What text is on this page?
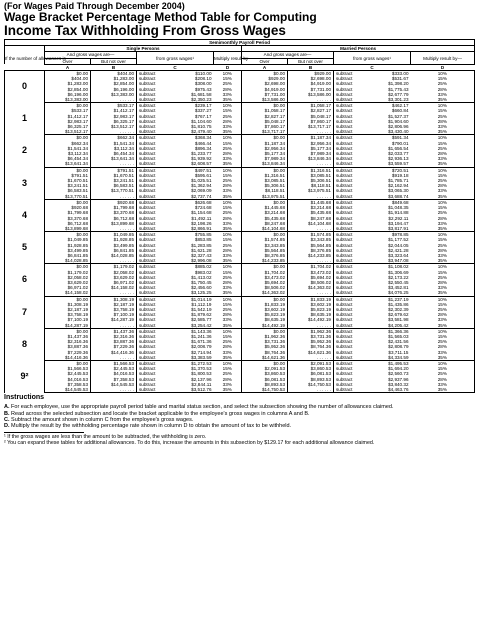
(For Wages Paid Through December 2004)
Wage Bracket Percentage Method Table for Computing
Income Tax Withholding From Gross Wages
Semimonthly Payroll Period										
	Single Persons					Married Persons				
If the number of allowances is—	And gross wages are—		from gross wages¹		Multiply result by—	And gross wages are—		from gross wages¹		Multiply result by—
	Over	But not over				Over	But not over			
	A	B	C		D	A	B	C		D
0	$0.00	$404.00	subtract	$110.00	10%	$0.00	$929.00	subtract	$333.00	10%
	$404.00	$1,283.00	subtract	$208.10	15%	$929.00	$2,698.00	subtract	$531.67	15%
	$1,283.00	$2,854.00	subtract	$308.00	25%	$2,698.00	$4,919.00	subtract	$1,398.20	25%
	$2,854.00	$6,196.00	subtract	$975.43	28%	$4,919.00	$7,731.00	subtract	$1,775.43	28%
	$6,196.00	$13,383.00	subtract	$1,681.58	33%	$7,731.00	$13,586.00	subtract	$2,677.79	33%
	$13,383.00	. . . . . .	subtract	$2,350.23	35%	$13,586.00	. . . . . .	subtract	$3,301.23	35%
1	$0.00	$533.17	subtract	$239.17	10%	$0.00	$1,058.17	subtract	$462.17	10%
	$533.17	$1,412.17	subtract	$337.27	15%	$1,058.17	$2,827.17	subtract	$660.84	15%
	$1,412.17	$2,983.17	subtract	$767.17	25%	$2,827.17	$5,048.17	subtract	$1,527.37	25%
	$2,983.17	$6,325.17	subtract	$1,104.60	28%	$5,048.17	$7,860.17	subtract	$1,904.60	28%
	$6,325.17	$13,512.17	subtract	$1,810.75	33%	$7,860.17	$13,717.17	subtract	$2,806.96	33%
	$13,512.17	. . . . . .	subtract	$2,479.40	35%	$13,717.17	. . . . . .	subtract	$3,430.40	35%
2	$0.00	$662.34	subtract	$368.34	10%	$0.00	$1,187.34	subtract	$591.34	10%
	$662.34	$1,541.34	subtract	$466.44	15%	$1,187.34	$2,956.34	subtract	$790.01	15%
	$1,541.34	$3,112.34	subtract	$896.34	25%	$2,956.34	$5,177.34	subtract	$1,656.54	25%
	$3,112.34	$6,454.34	subtract	$1,233.77	28%	$5,177.34	$7,989.34	subtract	$2,033.77	28%
	$6,454.34	$13,641.34	subtract	$1,939.92	33%	$7,989.34	$13,846.34	subtract	$2,936.13	33%
	$13,641.34	. . . . . .	subtract	$2,608.57	35%	$13,846.34	. . . . . .	subtract	$3,559.57	35%
3	$0.00	$791.51	subtract	$497.51	10%	$0.00	$1,316.51	subtract	$720.51	10%
	$791.51	$1,670.51	subtract	$595.61	15%	$1,316.51	$3,085.51	subtract	$919.18	15%
	$1,670.51	$3,241.51	subtract	$1,025.51	25%	$3,085.51	$5,306.51	subtract	$1,785.71	25%
	$3,241.51	$6,583.51	subtract	$1,362.94	28%	$5,306.51	$8,118.51	subtract	$2,162.94	28%
	$6,583.51	$13,770.51	subtract	$2,069.09	33%	$8,118.51	$13,975.51	subtract	$3,065.30	33%
	$13,770.51	. . . . . .	subtract	$2,737.74	35%	$13,975.51	. . . . . .	subtract	$3,688.74	35%
4	$0.00	$920.68	subtract	$626.68	10%	$0.00	$1,445.68	subtract	$849.68	10%
	$920.68	$1,799.68	subtract	$724.68	15%	$1,445.68	$3,214.68	subtract	$1,048.35	15%
	$1,799.68	$3,370.68	subtract	$1,154.68	25%	$3,214.68	$5,435.68	subtract	$1,914.88	25%
	$3,370.68	$6,712.68	subtract	$1,492.11	28%	$5,435.68	$8,247.68	subtract	$2,292.11	28%
	$6,712.68	$13,899.68	subtract	$2,198.26	33%	$8,247.68	$14,104.68	subtract	$3,194.47	33%
	$13,899.68	. . . . . .	subtract	$2,866.91	35%	$14,104.68	. . . . . .	subtract	$3,817.91	35%
5	$0.00	$1,049.85	subtract	$755.85	10%	$0.00	$1,574.85	subtract	$978.85	10%
	$1,049.85	$1,928.85	subtract	$853.85	15%	$1,574.85	$3,343.85	subtract	$1,177.52	15%
	$1,928.85	$3,499.85	subtract	$1,283.85	25%	$3,343.85	$5,564.85	subtract	$2,044.05	25%
	$3,499.85	$6,841.85	subtract	$1,621.28	28%	$5,564.85	$8,376.85	subtract	$2,421.28	28%
	$6,841.85	$14,028.85	subtract	$2,327.43	33%	$8,376.85	$14,233.85	subtract	$3,323.64	33%
	$14,028.85	. . . . . .	subtract	$2,996.08	35%	$14,233.85	. . . . . .	subtract	$3,947.08	35%
6	$0.00	$1,179.02	subtract	$885.02	10%	$0.00	$1,704.02	subtract	$1,108.02	10%
	$1,179.02	$2,058.02	subtract	$983.02	15%	$1,704.02	$3,473.02	subtract	$1,306.69	15%
	$2,058.02	$3,629.02	subtract	$1,413.02	25%	$3,473.02	$5,694.02	subtract	$2,173.22	25%
	$3,629.02	$6,971.02	subtract	$1,750.45	28%	$5,694.02	$8,506.02	subtract	$2,550.45	28%
	$6,971.02	$14,158.02	subtract	$2,456.60	33%	$8,506.02	$14,363.02	subtract	$3,452.81	33%
	$14,158.02	. . . . . .	subtract	$3,125.25	35%	$14,363.02	. . . . . .	subtract	$4,076.25	35%
7	$0.00	$1,308.19	subtract	$1,014.19	10%	$0.00	$1,833.19	subtract	$1,237.19	10%
	$1,308.19	$2,187.19	subtract	$1,112.19	15%	$1,833.19	$3,602.19	subtract	$1,435.86	15%
	$2,187.19	$3,758.19	subtract	$1,542.19	25%	$3,602.19	$5,823.19	subtract	$2,302.39	25%
	$3,758.19	$7,100.19	subtract	$1,879.62	28%	$5,823.19	$8,635.19	subtract	$2,679.62	28%
	$7,100.19	$14,287.19	subtract	$2,585.77	33%	$8,635.19	$14,492.19	subtract	$3,581.98	33%
	$14,287.19	. . . . . .	subtract	$3,254.42	35%	$14,492.19	. . . . . .	subtract	$4,205.42	35%
8	$0.00	$1,437.36	subtract	$1,143.36	10%	$0.00	$1,962.36	subtract	$1,366.36	10%
	$1,437.36	$2,316.36	subtract	$1,241.36	15%	$1,962.36	$3,731.36	subtract	$1,565.03	15%
	$2,316.36	$3,887.36	subtract	$1,671.36	25%	$3,731.36	$5,952.36	subtract	$2,431.56	25%
	$3,887.36	$7,229.36	subtract	$2,008.79	28%	$5,952.36	$8,764.36	subtract	$2,808.79	28%
	$7,229.36	$14,416.36	subtract	$2,714.94	33%	$8,764.36	$14,621.36	subtract	$3,711.15	33%
	$14,416.36	. . . . . .	subtract	$3,383.59	35%	$14,621.36	. . . . . .	subtract	$4,334.59	35%
9²	$0.00	$1,566.53	subtract	$1,272.53	10%	$0.00	$2,091.53	subtract	$1,495.53	10%
	$1,566.53	$2,445.53	subtract	$1,370.53	15%	$2,091.53	$3,860.53	subtract	$1,694.20	15%
	$2,445.53	$4,016.53	subtract	$1,800.53	25%	$3,860.53	$6,081.53	subtract	$2,560.73	25%
	$4,016.53	$7,358.53	subtract	$2,137.96	28%	$6,081.53	$8,893.53	subtract	$2,937.96	28%
	$7,358.53	$14,545.53	subtract	$2,844.11	33%	$8,893.53	$14,750.53	subtract	$3,840.32	33%
	$14,545.53	. . . . . .	subtract	$3,512.76	35%	$14,750.53	. . . . . .	subtract	$4,463.76	35%
Instructions
A. For each employee, use the appropriate payroll period table and marital status section, and select the subsection showing the number of allowances claimed.
B. Read across the selected subsection and locate the bracket applicable to the employee's gross wages in columns A and B.
C. Subtract the amount shown in column C from the employee's gross wages.
D. Multiply the result by the withholding percentage rate shown in column D to obtain the amount of tax to be withheld.
¹ If the gross wages are less than the amount to be subtracted, the withholding is zero.
² You can expand these tables for additional allowances. To do this, increase the amounts in this subsection by $129.17 for each additional allowance claimed.
